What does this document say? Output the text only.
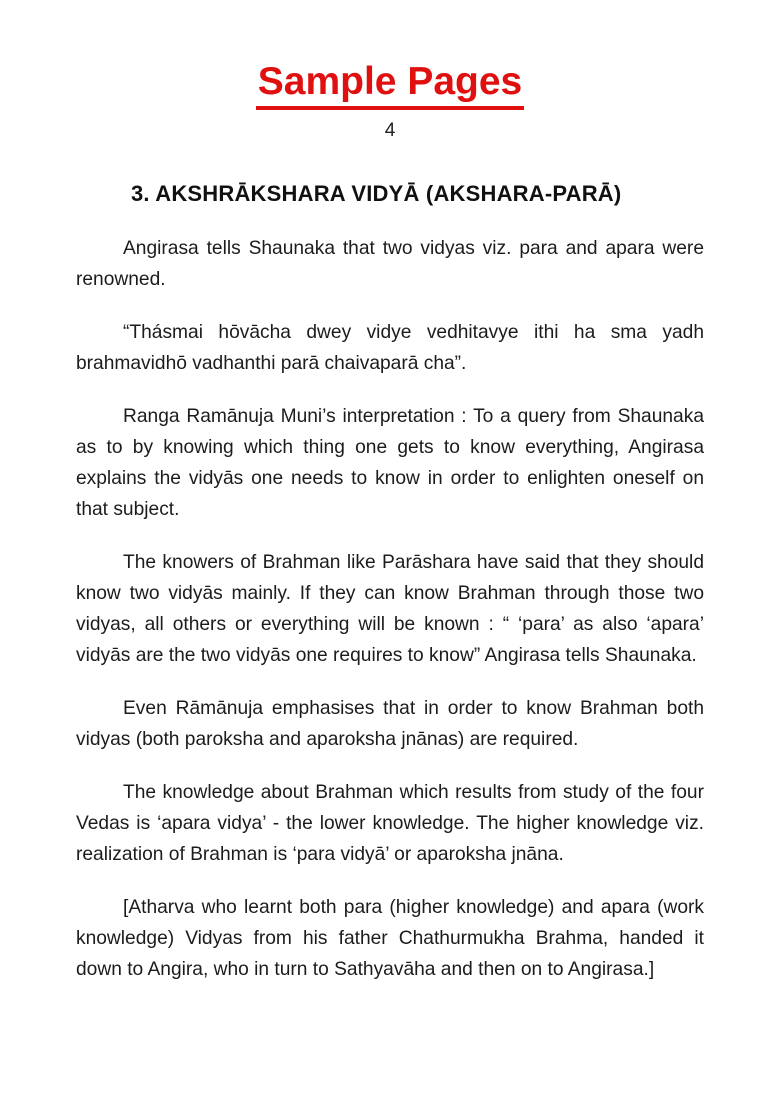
Sample Pages
4
3. AKSHRĀKSHARA VIDYĀ (AKSHARA-PARĀ)

Angirasa tells Shaunaka that two vidyas viz. para and apara were renowned.

“Thásmai hōvācha dwey vidye vedhitavye ithi ha sma yadh brahmavidhō vadhanthi parā chaivaparā cha”.

Ranga Ramānuja Muni’s interpretation : To a query from Shaunaka as to by knowing which thing one gets to know everything, Angirasa explains the vidyās one needs to know in order to enlighten oneself on that subject.

The knowers of Brahman like Parāshara have said that they should know two vidyās mainly. If they can know Brahman through those two vidyas, all others or everything will be known : “ ‘para’ as also ‘apara’ vidyās are the two vidyās one requires to know” Angirasa tells Shaunaka.

Even Rāmānuja emphasises that in order to know Brahman both vidyas (both paroksha and aparoksha jnānas) are required.

The knowledge about Brahman which results from study of the four Vedas is ‘apara vidya’ - the lower knowledge. The higher knowledge viz. realization of Brahman is ‘para vidyā’ or aparoksha jnāna.

[Atharva who learnt both para (higher knowledge) and apara (work knowledge) Vidyas from his father Chathurmukha Brahma, handed it down to Angira, who in turn to Sathyavāha and then on to Angirasa.]
